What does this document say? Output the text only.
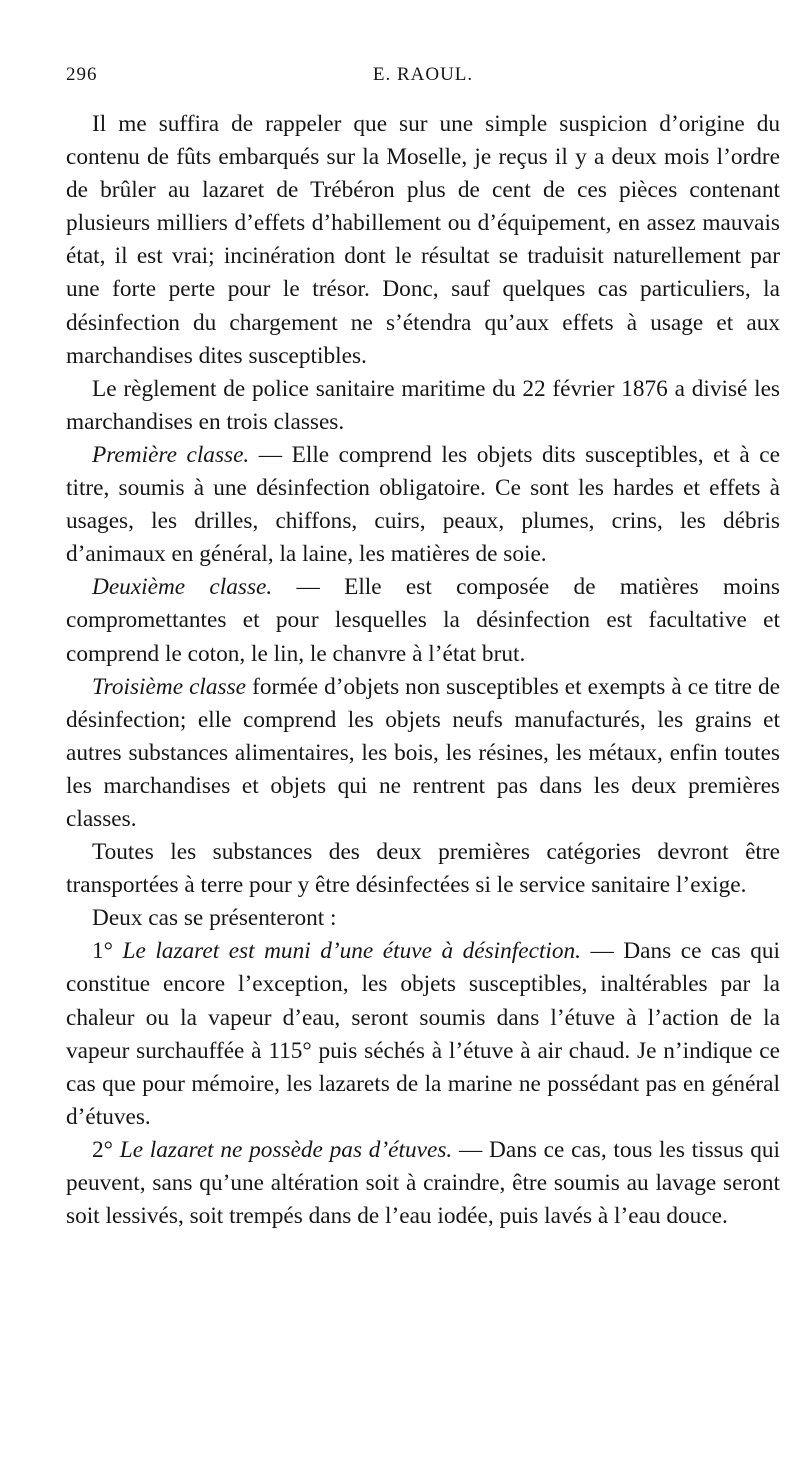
296	E. RAOUL.

Il me suffira de rappeler que sur une simple suspicion d’origine du contenu de fûts embarqués sur la Moselle, je reçus il y a deux mois l’ordre de brûler au lazaret de Trébéron plus de cent de ces pièces contenant plusieurs milliers d’effets d’habillement ou d’équipement, en assez mauvais état, il est vrai; incinération dont le résultat se traduisit naturellement par une forte perte pour le trésor. Donc, sauf quelques cas particuliers, la désinfection du chargement ne s’étendra qu’aux effets à usage et aux marchandises dites susceptibles.

Le règlement de police sanitaire maritime du 22 février 1876 a divisé les marchandises en trois classes.

Première classe. — Elle comprend les objets dits susceptibles, et à ce titre, soumis à une désinfection obligatoire. Ce sont les hardes et effets à usages, les drilles, chiffons, cuirs, peaux, plumes, crins, les débris d’animaux en général, la laine, les matières de soie.

Deuxième classe. — Elle est composée de matières moins compromettantes et pour lesquelles la désinfection est facultative et comprend le coton, le lin, le chanvre à l’état brut.

Troisième classe formée d’objets non susceptibles et exempts à ce titre de désinfection; elle comprend les objets neufs manufacturés, les grains et autres substances alimentaires, les bois, les résines, les métaux, enfin toutes les marchandises et objets qui ne rentrent pas dans les deux premières classes.

Toutes les substances des deux premières catégories devront être transportées à terre pour y être désinfectées si le service sanitaire l’exige.

Deux cas se présenteront :

1° Le lazaret est muni d’une étuve à désinfection. — Dans ce cas qui constitue encore l’exception, les objets susceptibles, inaltérables par la chaleur ou la vapeur d’eau, seront soumis dans l’étuve à l’action de la vapeur surchauffée à 115° puis séchés à l’étuve à air chaud. Je n’indique ce cas que pour mémoire, les lazarets de la marine ne possédant pas en général d’étuves.

2° Le lazaret ne possède pas d’étuves. — Dans ce cas, tous les tissus qui peuvent, sans qu’une altération soit à craindre, être soumis au lavage seront soit lessivés, soit trempés dans de l’eau iodée, puis lavés à l’eau douce.
